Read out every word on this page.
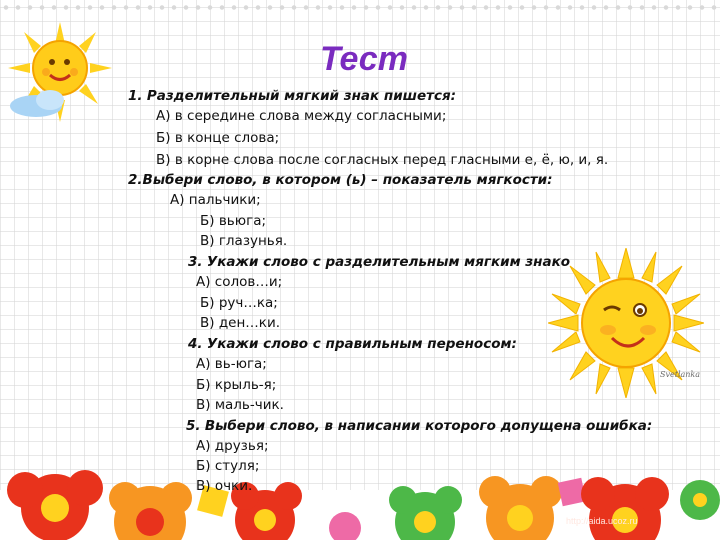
Svetlanka
http://aida.ucoz.ru
Тест
1. Разделительный мягкий знак пишется:
А) в середине слова между согласными;
Б) в конце слова;
В) в корне слова после согласных перед гласными е, ё, ю, и, я.
2.Выбери слово, в котором (ь) – показатель мягкости:
А) пальчики;
Б) вьюга;
В) глазунья.
3. Укажи слово с разделительным мягким знако
А) солов…и;
Б) руч…ка;
В) ден…ки.
4. Укажи слово с правильным переносом:
А) вь-юга;
Б) крыль-я;
В) маль-чик.
5. Выбери слово, в написании которого допущена ошибка:
А) друзья;
Б) стуля;
В) очки.
